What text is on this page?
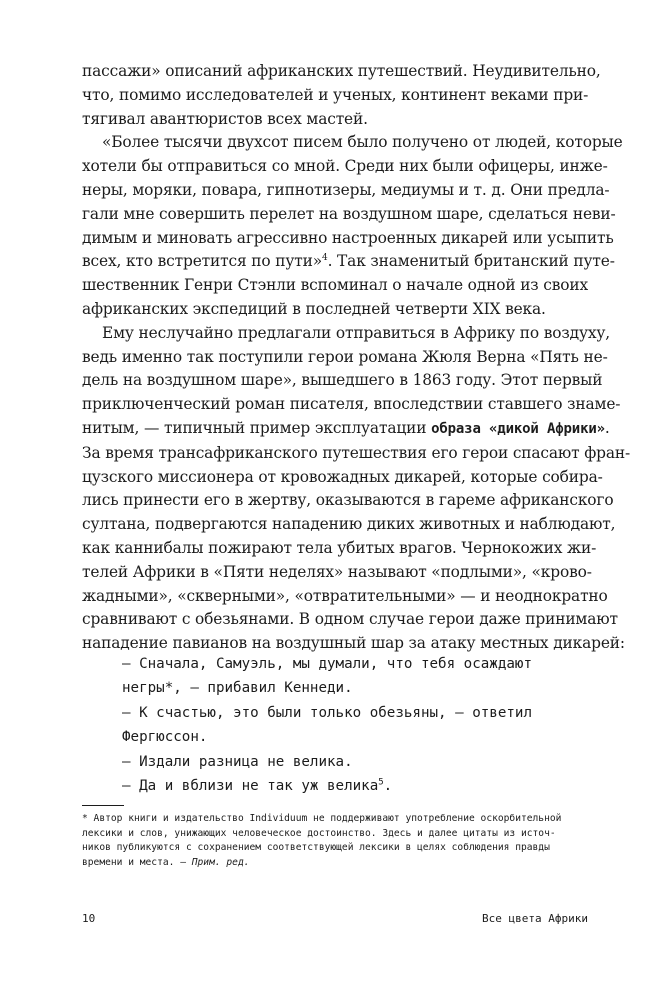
пассажи» описаний африканских путешествий. Неудивительно,
что, помимо исследователей и ученых, континент веками при-
тягивал авантюристов всех мастей.
«Более тысячи двухсот писем было получено от людей, которые
хотели бы отправиться со мной. Среди них были офицеры, инже-
неры, моряки, повара, гипнотизеры, медиумы и т. д. Они предла-
гали мне совершить перелет на воздушном шаре, сделаться неви-
димым и миновать агрессивно настроенных дикарей или усыпить
всех, кто встретится по пути»$^4$. Так знаменитый британский путе-
шественник Генри Стэнли вспоминал о начале одной из своих
африканских экспедиций в последней четверти XIX века.
Ему неслучайно предлагали отправиться в Африку по воздуху,
ведь именно так поступили герои романа Жюля Верна «Пять не-
дель на воздушном шаре», вышедшего в 1863 году. Этот первый
приключенческий роман писателя, впоследствии ставшего знаме-
нитым, — типичный пример эксплуатации образа «дикой Африки».
За время трансафриканского путешествия его герои спасают фран-
цузского миссионера от кровожадных дикарей, которые собира-
лись принести его в жертву, оказываются в гареме африканского
султана, подвергаются нападению диких животных и наблюдают,
как каннибалы пожирают тела убитых врагов. Чернокожих жи-
телей Африки в «Пяти неделях» называют «подлыми», «крово-
жадными», «скверными», «отвратительными» — и неоднократно
сравнивают с обезьянами. В одном случае герои даже принимают
нападение павианов на воздушный шар за атаку местных дикарей:
– Сначала, Самуэль, мы думали, что тебя осаждают
негры*, – прибавил Кеннеди.
– К счастью, это были только обезьяны, – ответил
Фергюссон.
– Издали разница не велика.
– Да и вблизи не так уж велика$^5$.
* Автор книги и издательство Individuum не поддерживают употребление оскорбительной
лексики и слов, унижающих человеческое достоинство. Здесь и далее цитаты из источ-
ников публикуются с сохранением соответствующей лексики в целях соблюдения правды
времени и места. – Прим. ред.
10	Все цвета Африки
